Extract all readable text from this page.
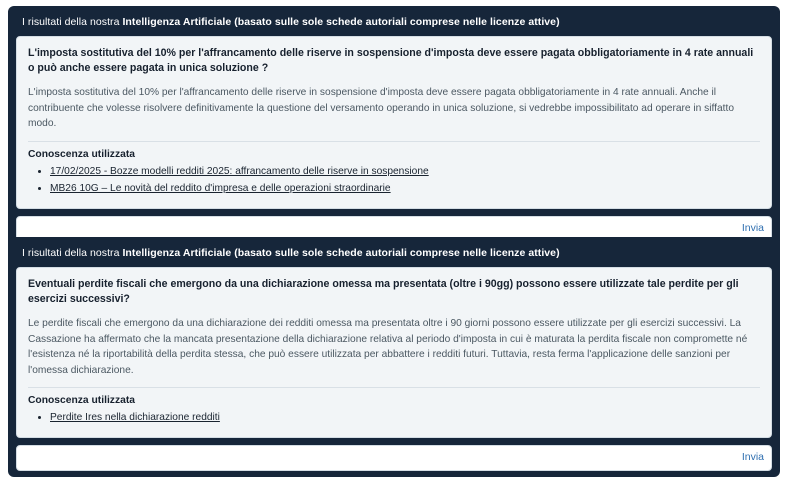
I risultati della nostra Intelligenza Artificiale (basato sulle sole schede autoriali comprese nelle licenze attive)

L'imposta sostitutiva del 10% per l'affrancamento delle riserve in sospensione d'imposta deve essere pagata obbligatoriamente in 4 rate annuali o può anche essere pagata in unica soluzione ?

L'imposta sostitutiva del 10% per l'affrancamento delle riserve in sospensione d'imposta deve essere pagata obbligatoriamente in 4 rate annuali. Anche il contribuente che volesse risolvere definitivamente la questione del versamento operando in unica soluzione, si vedrebbe impossibilitato ad operare in siffatto modo.

Conoscenza utilizzata
• 17/02/2025 - Bozze modelli redditi 2025: affrancamento delle riserve in sospensione
• MB26 10G – Le novità del reddito d'impresa e delle operazioni straordinarie
Invia
I risultati della nostra Intelligenza Artificiale (basato sulle sole schede autoriali comprese nelle licenze attive)

Eventuali perdite fiscali che emergono da una dichiarazione omessa ma presentata (oltre i 90gg) possono essere utilizzate tale perdite per gli esercizi successivi?

Le perdite fiscali che emergono da una dichiarazione dei redditi omessa ma presentata oltre i 90 giorni possono essere utilizzate per gli esercizi successivi. La Cassazione ha affermato che la mancata presentazione della dichiarazione relativa al periodo d'imposta in cui è maturata la perdita fiscale non compromette né l'esistenza né la riportabilità della perdita stessa, che può essere utilizzata per abbattere i redditi futuri. Tuttavia, resta ferma l'applicazione delle sanzioni per l'omessa dichiarazione.

Conoscenza utilizzata
• Perdite Ires nella dichiarazione redditi
Invia
